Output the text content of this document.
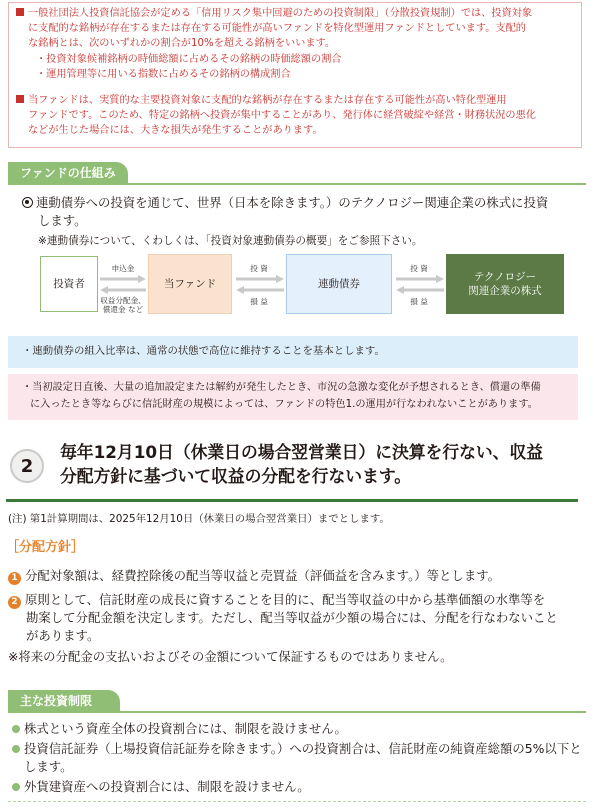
一般社団法人投資信託協会が定める「信用リスク集中回避のための投資制限」（分散投資規制）では、投資対象
に支配的な銘柄が存在するまたは存在する可能性が高いファンドを特化型運用ファンドとしています。支配的
な銘柄とは、次のいずれかの割合が10%を超える銘柄をいいます。
・投資対象候補銘柄の時価総額に占めるその銘柄の時価総額の割合
・運用管理等に用いる指数に占めるその銘柄の構成割合
当ファンドは、実質的な主要投資対象に支配的な銘柄が存在するまたは存在する可能性が高い特化型運用
ファンドです。このため、特定の銘柄へ投資が集中することがあり、発行体に経営破綻や経営・財務状況の悪化
などが生じた場合には、大きな損失が発生することがあります。
ファンドの仕組み
連動債券への投資を通じて、世界（日本を除きます。）のテクノロジー関連企業の株式に投資
します。
※連動債券について、くわしくは、「投資対象連動債券の概要」をご参照下さい。
投資者	当ファンド	連動債券
テクノロジー
関連企業の株式
申込金
収益分配金、
償還金 など
投 資
損 益
投 資
損 益
・連動債券の組入比率は、通常の状態で高位に維持することを基本とします。
・当初設定日直後、大量の追加設定または解約が発生したとき、市況の急激な変化が予想されるとき、償還の準備
に入ったとき等ならびに信託財産の規模によっては、ファンドの特色1.の運用が行なわれないことがあります。
2
毎年12月10日（休業日の場合翌営業日）に決算を行ない、収益
分配方針に基づいて収益の分配を行ないます。
(注) 第1計算期間は、2025年12月10日（休業日の場合翌営業日）までとします。
［分配方針］
1 分配対象額は、経費控除後の配当等収益と売買益（評価益を含みます。）等とします。
2 原則として、信託財産の成長に資することを目的に、配当等収益の中から基準価額の水準等を
勘案して分配金額を決定します。ただし、配当等収益が少額の場合には、分配を行なわないこと
があります。
※将来の分配金の支払いおよびその金額について保証するものではありません。
主な投資制限
株式という資産全体の投資割合には、制限を設けません。
投資信託証券（上場投資信託証券を除きます。）への投資割合は、信託財産の純資産総額の5%以下と
します。
外貨建資産への投資割合には、制限を設けません。
